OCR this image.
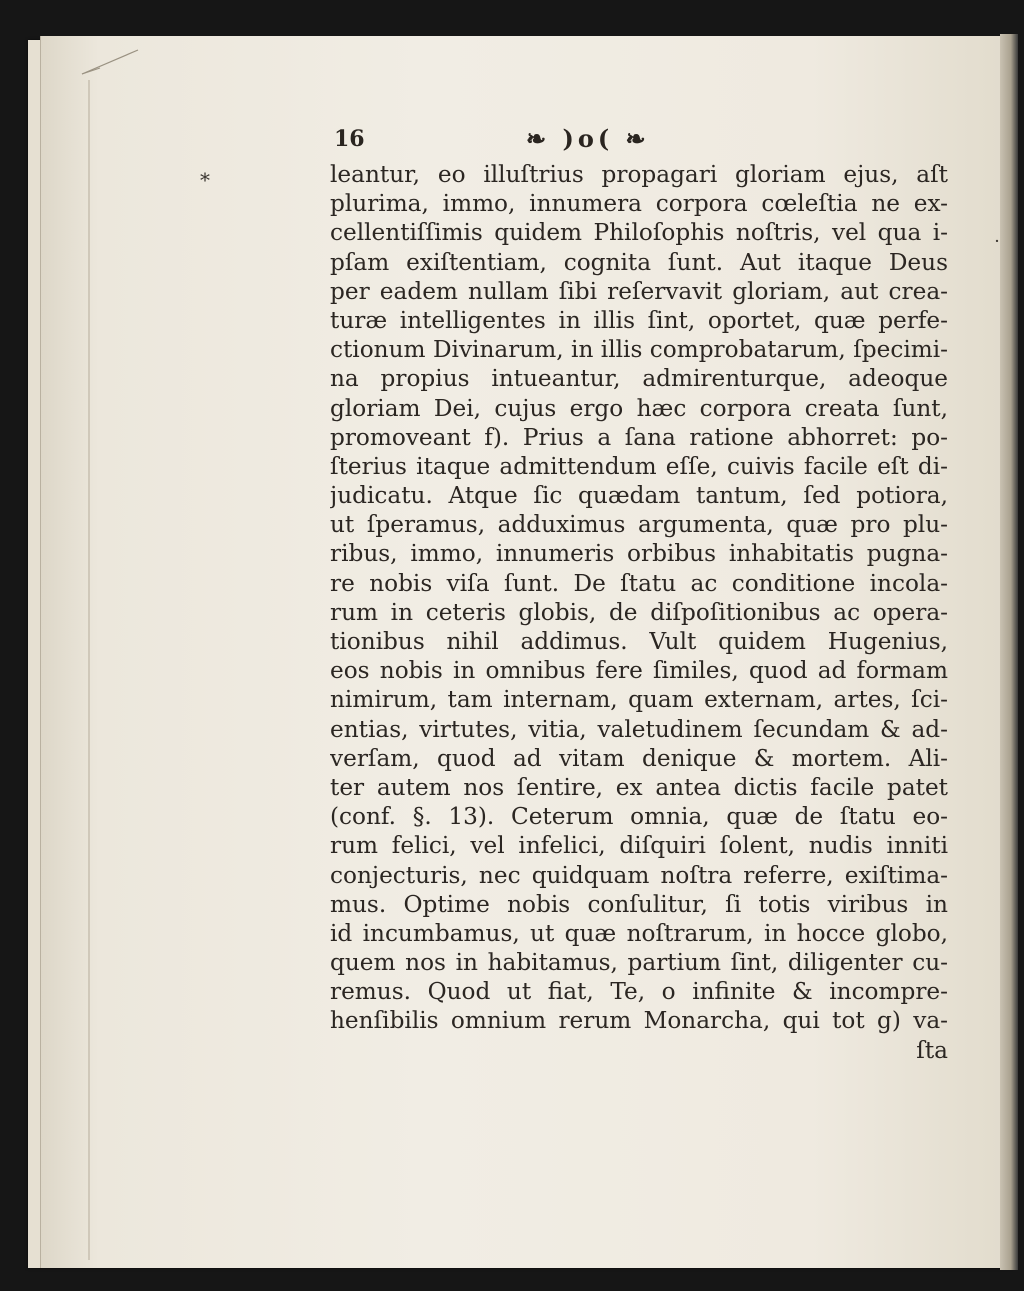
16	❧ )o( ❧
*
˙
leantur, eo illuſtrius propagari gloriam ejus, aſt
plurima, immo, innumera corpora cœleſtia ne ex-
cellentiſſimis quidem Philoſophis noſtris, vel qua i-
pſam exiſtentiam, cognita ſunt. Aut itaque Deus
per eadem nullam ſibi reſervavit gloriam, aut crea-
turæ intelligentes in illis ſint, oportet, quæ perfe-
ctionum Divinarum, in illis comprobatarum, ſpecimi-
na propius intueantur, admirenturque, adeoque
gloriam Dei, cujus ergo hæc corpora creata ſunt,
promoveant f). Prius a ſana ratione abhorret: po-
ſterius itaque admittendum eſſe, cuivis facile eſt di-
judicatu. Atque ſic quædam tantum, ſed potiora,
ut ſperamus, adduximus argumenta, quæ pro plu-
ribus, immo, innumeris orbibus inhabitatis pugna-
re nobis viſa ſunt. De ſtatu ac conditione incola-
rum in ceteris globis, de diſpoſitionibus ac opera-
tionibus nihil addimus. Vult quidem Hugenius,
eos nobis in omnibus fere ſimiles, quod ad formam
nimirum, tam internam, quam externam, artes, ſci-
entias, virtutes, vitia, valetudinem ſecundam & ad-
verſam, quod ad vitam denique & mortem. Ali-
ter autem nos ſentire, ex antea dictis facile patet
(conf. §. 13). Ceterum omnia, quæ de ſtatu eo-
rum felici, vel infelici, diſquiri ſolent, nudis inniti
conjecturis, nec quidquam noſtra referre, exiſtima-
mus. Optime nobis conſulitur, ſi totis viribus in
id incumbamus, ut quæ noſtrarum, in hocce globo,
quem nos in habitamus, partium ſint, diligenter cu-
remus. Quod ut fiat, Te, o infinite & incompre-
henſibilis omnium rerum Monarcha, qui tot g) va-
ſta
